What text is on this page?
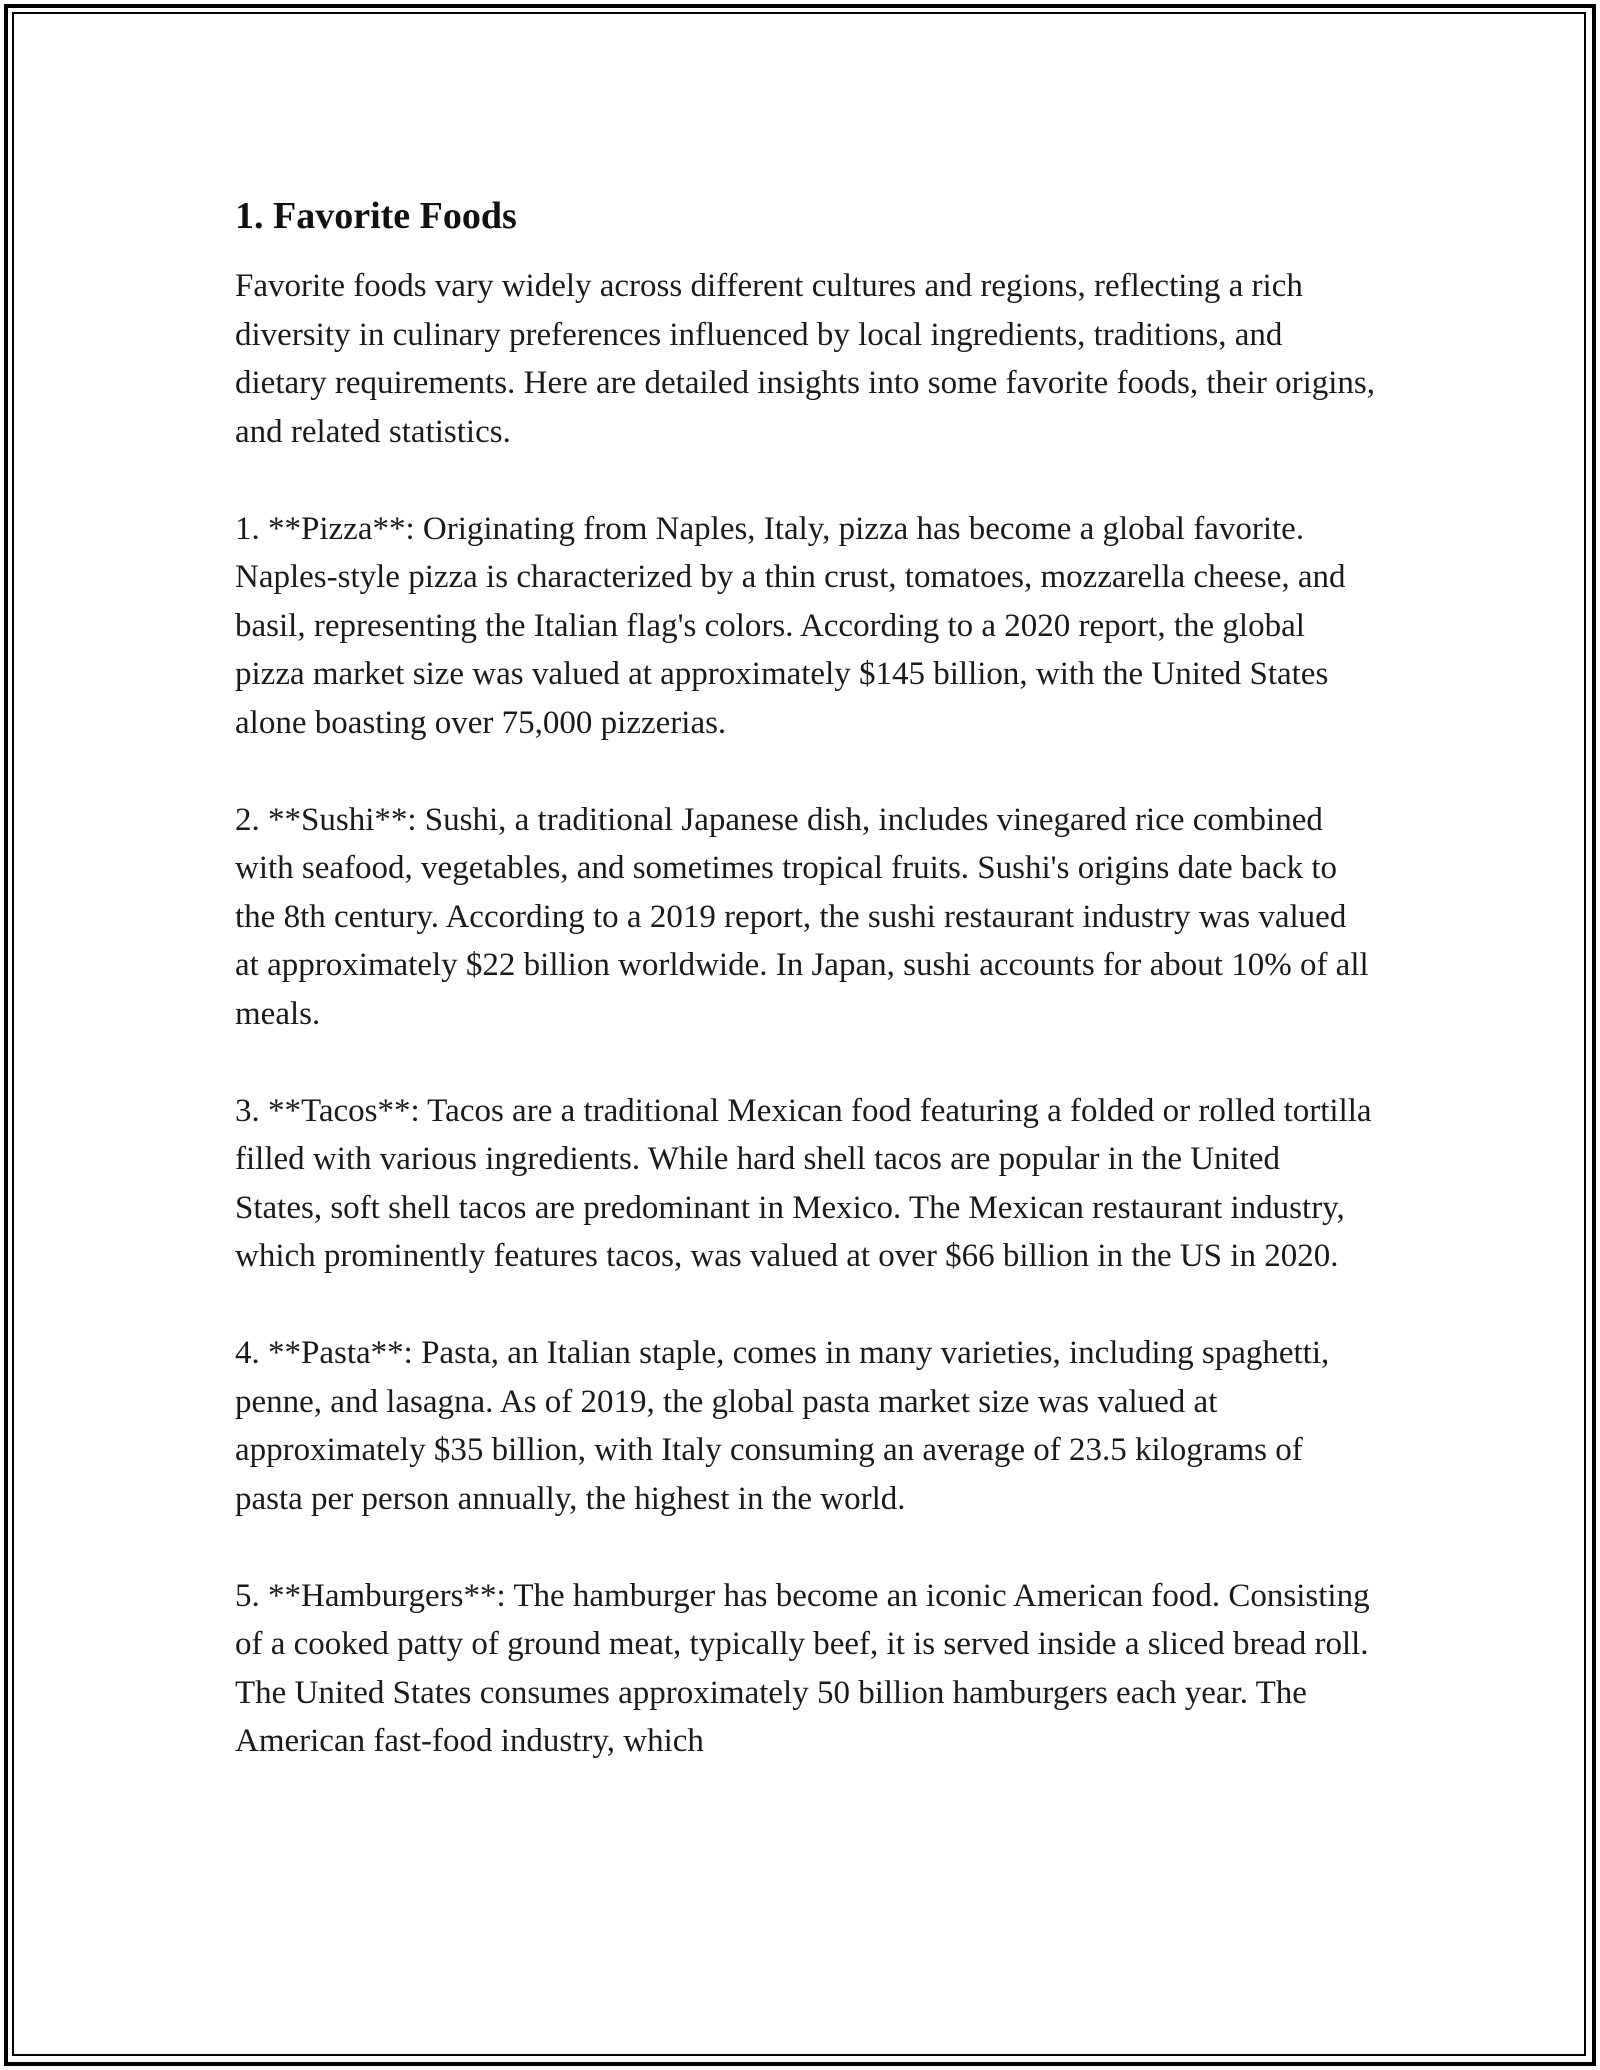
1. Favorite Foods

Favorite foods vary widely across different cultures and regions, reflecting a rich diversity in culinary preferences influenced by local ingredients, traditions, and dietary requirements. Here are detailed insights into some favorite foods, their origins, and related statistics.

1. **Pizza**: Originating from Naples, Italy, pizza has become a global favorite. Naples-style pizza is characterized by a thin crust, tomatoes, mozzarella cheese, and basil, representing the Italian flag's colors. According to a 2020 report, the global pizza market size was valued at approximately $145 billion, with the United States alone boasting over 75,000 pizzerias.

2. **Sushi**: Sushi, a traditional Japanese dish, includes vinegared rice combined with seafood, vegetables, and sometimes tropical fruits. Sushi's origins date back to the 8th century. According to a 2019 report, the sushi restaurant industry was valued at approximately $22 billion worldwide. In Japan, sushi accounts for about 10% of all meals.

3. **Tacos**: Tacos are a traditional Mexican food featuring a folded or rolled tortilla filled with various ingredients. While hard shell tacos are popular in the United States, soft shell tacos are predominant in Mexico. The Mexican restaurant industry, which prominently features tacos, was valued at over $66 billion in the US in 2020.

4. **Pasta**: Pasta, an Italian staple, comes in many varieties, including spaghetti, penne, and lasagna. As of 2019, the global pasta market size was valued at approximately $35 billion, with Italy consuming an average of 23.5 kilograms of pasta per person annually, the highest in the world.

5. **Hamburgers**: The hamburger has become an iconic American food. Consisting of a cooked patty of ground meat, typically beef, it is served inside a sliced bread roll. The United States consumes approximately 50 billion hamburgers each year. The American fast-food industry, which
